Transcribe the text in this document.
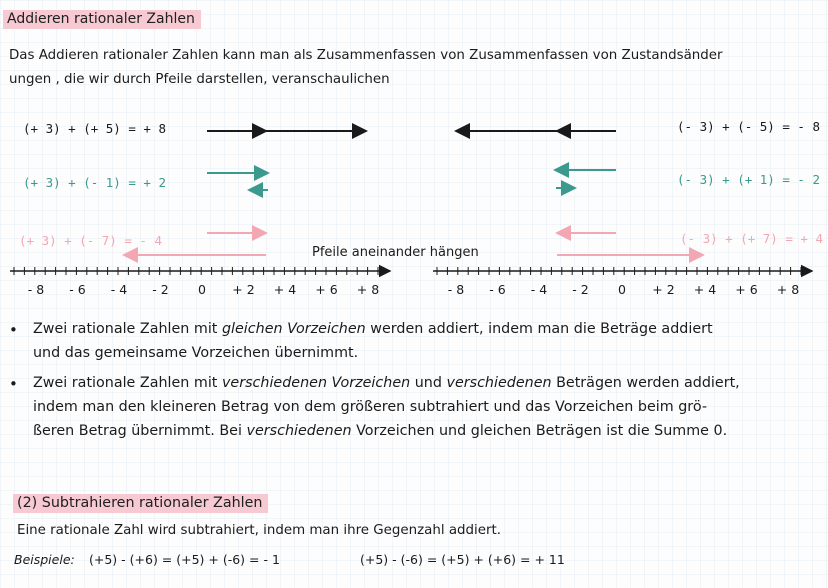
Addieren rationaler Zahlen
Das Addieren rationaler Zahlen kann man als Zusammenfassen von Zusammenfassen von Zustandsänder
ungen , die wir durch Pfeile darstellen, veranschaulichen
(+ 3) + (+ 5) = + 8	(- 3) + (- 5) = - 8
(+ 3) + (- 1) = + 2	(- 3) + (+ 1) = - 2
(+ 3) + (- 7) = - 4	(- 3) + (+ 7) = + 4
Pfeile aneinander hängen
- 8	- 6	- 4	- 2	0	+ 2 + 4 + 6 + 8	- 8	- 6	- 4	- 2	0	+ 2 + 4 + 6 + 8
• Zwei rationale Zahlen mit gleichen Vorzeichen werden addiert, indem man die Beträge addiert
und das gemeinsame Vorzeichen übernimmt.
• Zwei rationale Zahlen mit verschiedenen Vorzeichen und verschiedenen Beträgen werden addiert,
indem man den kleineren Betrag von dem größeren subtrahiert und das Vorzeichen beim grö-
ßeren Betrag übernimmt. Bei verschiedenen Vorzeichen und gleichen Beträgen ist die Summe 0.
(2) Subtrahieren rationaler Zahlen
Eine rationale Zahl wird subtrahiert, indem man ihre Gegenzahl addiert.
Beispiele: (+5) - (+6) = (+5) + (-6) = - 1	(+5) - (-6) = (+5) + (+6) = + 11
